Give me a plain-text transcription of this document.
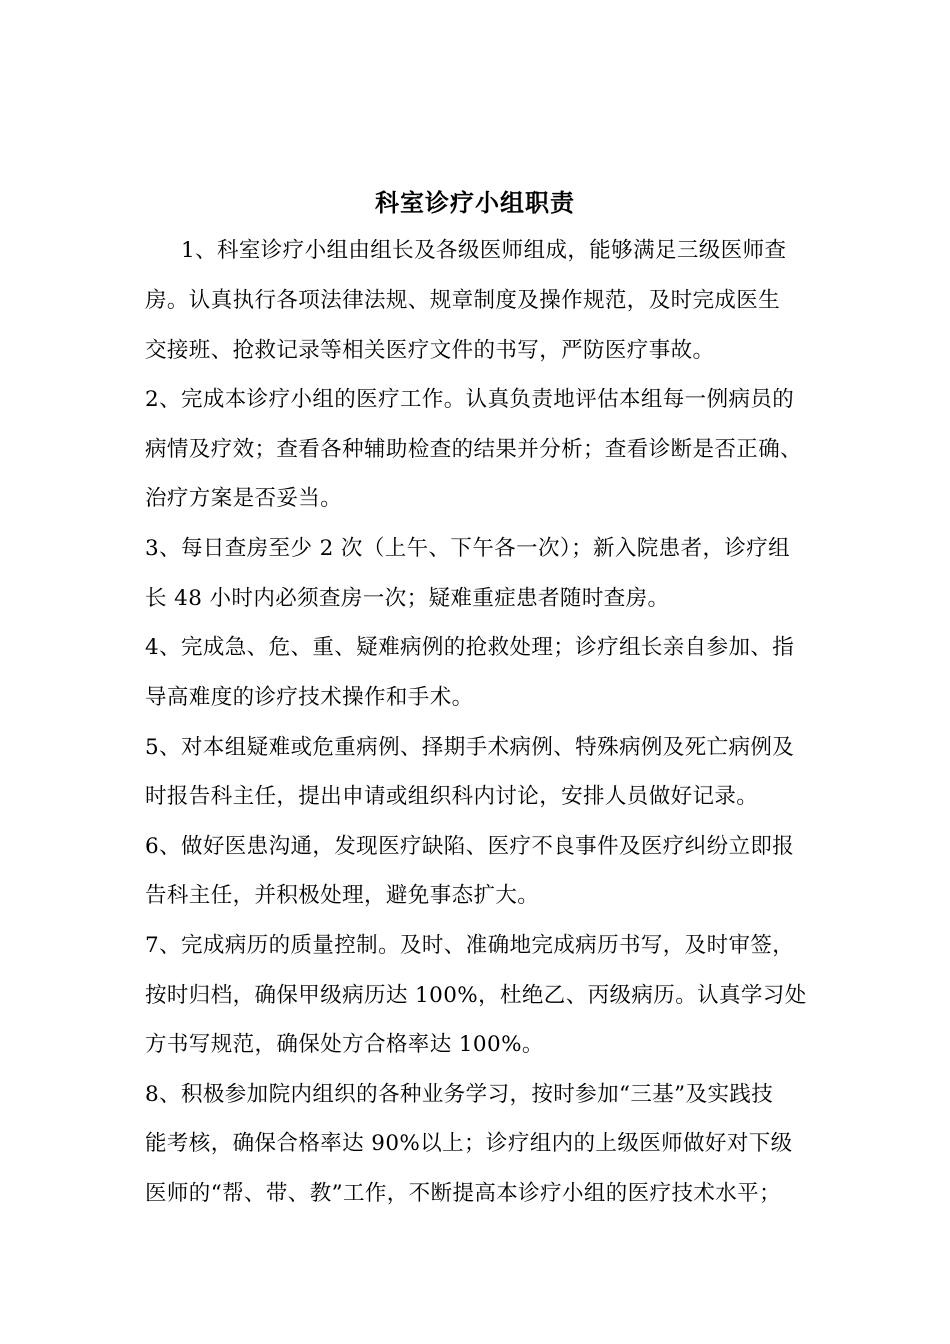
科室诊疗小组职责
1、科室诊疗小组由组长及各级医师组成，能够满足三级医师查
房。认真执行各项法律法规、规章制度及操作规范，及时完成医生
交接班、抢救记录等相关医疗文件的书写，严防医疗事故。
2、完成本诊疗小组的医疗工作。认真负责地评估本组每一例病员的
病情及疗效；查看各种辅助检查的结果并分析；查看诊断是否正确、
治疗方案是否妥当。
3、每日查房至少 2 次（上午、下午各一次）；新入院患者，诊疗组
长 48 小时内必须查房一次；疑难重症患者随时查房。
4、完成急、危、重、疑难病例的抢救处理；诊疗组长亲自参加、指
导高难度的诊疗技术操作和手术。
5、对本组疑难或危重病例、择期手术病例、特殊病例及死亡病例及
时报告科主任，提出申请或组织科内讨论，安排人员做好记录。
6、做好医患沟通，发现医疗缺陷、医疗不良事件及医疗纠纷立即报
告科主任，并积极处理，避免事态扩大。
7、完成病历的质量控制。及时、准确地完成病历书写，及时审签，
按时归档，确保甲级病历达 100%，杜绝乙、丙级病历。认真学习处
方书写规范，确保处方合格率达 100%。
8、积极参加院内组织的各种业务学习，按时参加“三基”及实践技
能考核，确保合格率达 90%以上；诊疗组内的上级医师做好对下级
医师的“帮、带、教”工作，不断提高本诊疗小组的医疗技术水平；
